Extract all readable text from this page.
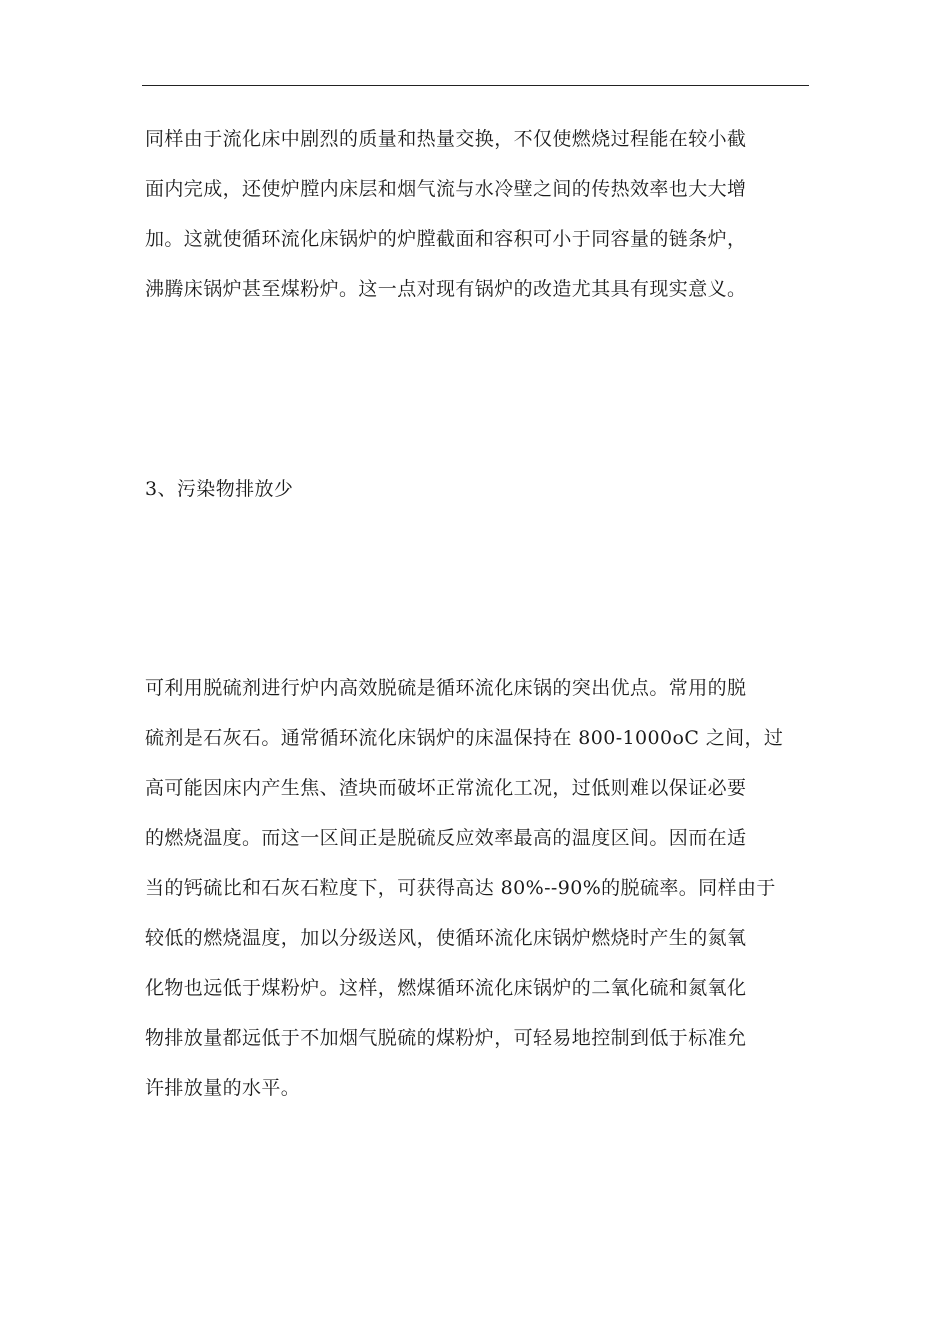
同样由于流化床中剧烈的质量和热量交换，不仅使燃烧过程能在较小截
面内完成，还使炉膛内床层和烟气流与水冷壁之间的传热效率也大大增
加。这就使循环流化床锅炉的炉膛截面和容积可小于同容量的链条炉，
沸腾床锅炉甚至煤粉炉。这一点对现有锅炉的改造尤其具有现实意义。
3、污染物排放少
可利用脱硫剂进行炉内高效脱硫是循环流化床锅的突出优点。常用的脱
硫剂是石灰石。通常循环流化床锅炉的床温保持在 800-1000oC 之间，过
高可能因床内产生焦、渣块而破坏正常流化工况，过低则难以保证必要
的燃烧温度。而这一区间正是脱硫反应效率最高的温度区间。因而在适
当的钙硫比和石灰石粒度下，可获得高达 80%--90%的脱硫率。同样由于
较低的燃烧温度，加以分级送风，使循环流化床锅炉燃烧时产生的氮氧
化物也远低于煤粉炉。这样，燃煤循环流化床锅炉的二氧化硫和氮氧化
物排放量都远低于不加烟气脱硫的煤粉炉，可轻易地控制到低于标准允
许排放量的水平。
